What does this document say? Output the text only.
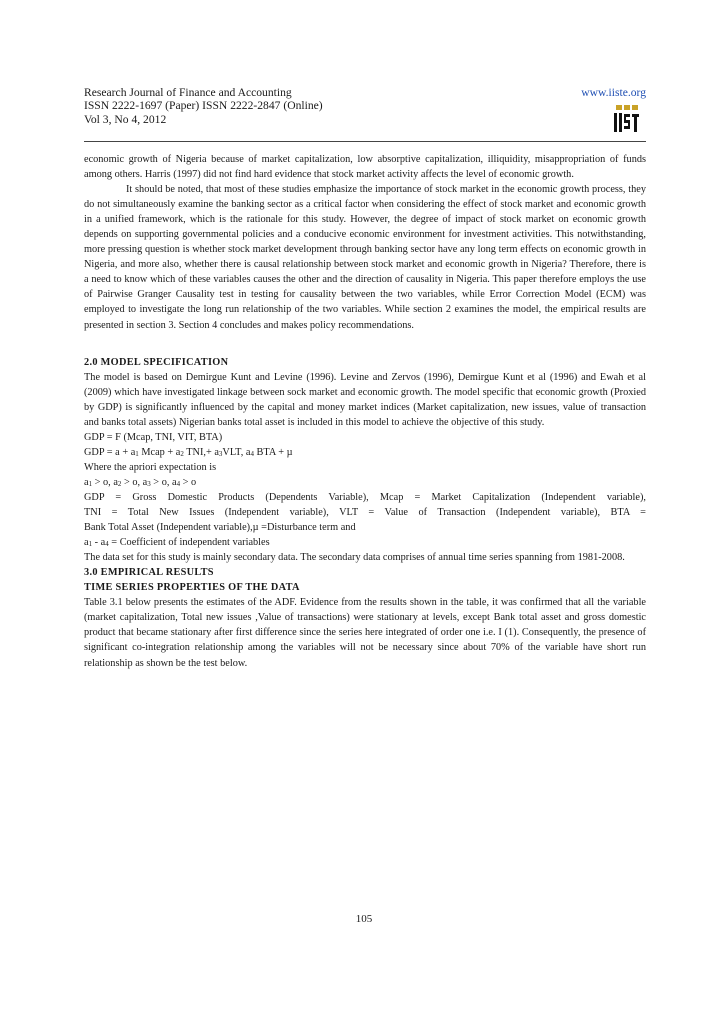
Research Journal of Finance and Accounting
ISSN 2222-1697 (Paper) ISSN 2222-2847 (Online)
Vol 3, No 4, 2012
www.iiste.org

economic growth of Nigeria because of market capitalization, low absorptive capitalization, illiquidity, misappropriation of funds among others. Harris (1997) did not find hard evidence that stock market activity affects the level of economic growth.

It should be noted, that most of these studies emphasize the importance of stock market in the economic growth process, they do not simultaneously examine the banking sector as a critical factor when considering the effect of stock market and economic growth in a unified framework, which is the rationale for this study. However, the degree of impact of stock market on economic growth depends on supporting governmental policies and a conducive economic environment for investment activities. This notwithstanding, more pressing question is whether stock market development through banking sector have any long term effects on economic growth in Nigeria, and more also, whether there is causal relationship between stock market and economic growth in Nigeria? Therefore, there is a need to know which of these variables causes the other and the direction of causality in Nigeria. This paper therefore employs the use of Pairwise Granger Causality test in testing for causality between the two variables, while Error Correction Model (ECM) was employed to investigate the long run relationship of the two variables. While section 2 examines the model, the empirical results are presented in section 3. Section 4 concludes and makes policy recommendations.

2.0 MODEL SPECIFICATION

The model is based on Demirgue Kunt and Levine (1996). Levine and Zervos (1996), Demirgue Kunt et al (1996) and Ewah et al (2009) which have investigated linkage between sock market and economic growth. The model specific that economic growth (Proxied by GDP) is significantly influenced by the capital and money market indices (Market capitalization, new issues, value of transaction and banks total assets) Nigerian banks total asset is included in this model to achieve the objective of this study.

GDP = F (Mcap, TNI, VIT, BTA)
GDP = $a + a_1$ Mcap + $a_2$ $TNI,+ a_3VLT$, $a_4$ BTA + µ
Where the apriori expectation is
$a_1 > o$, $a_2 > o$, $a_3 > o$, $a_4 > o$
GDP = Gross Domestic Products (Dependents Variable), Mcap = Market Capitalization (Independent variable),
TNI = Total New Issues (Independent variable), VLT = Value of Transaction (Independent variable), BTA =
Bank Total Asset (Independent variable),µ =Disturbance term and
$a_1 - a_4$ = Coefficient of independent variables

The data set for this study is mainly secondary data. The secondary data comprises of annual time series spanning from 1981-2008.

3.0 EMPIRICAL RESULTS
TIME SERIES PROPERTIES OF THE DATA

Table 3.1 below presents the estimates of the ADF. Evidence from the results shown in the table, it was confirmed that all the variable (market capitalization, Total new issues ,Value of transactions) were stationary at levels, except Bank total asset and gross domestic product that became stationary after first difference since the series here integrated of order one i.e. I (1). Consequently, the presence of significant co-integration relationship among the variables will not be necessary since about 70% of the variable have short run relationship as shown be the test below.

105
